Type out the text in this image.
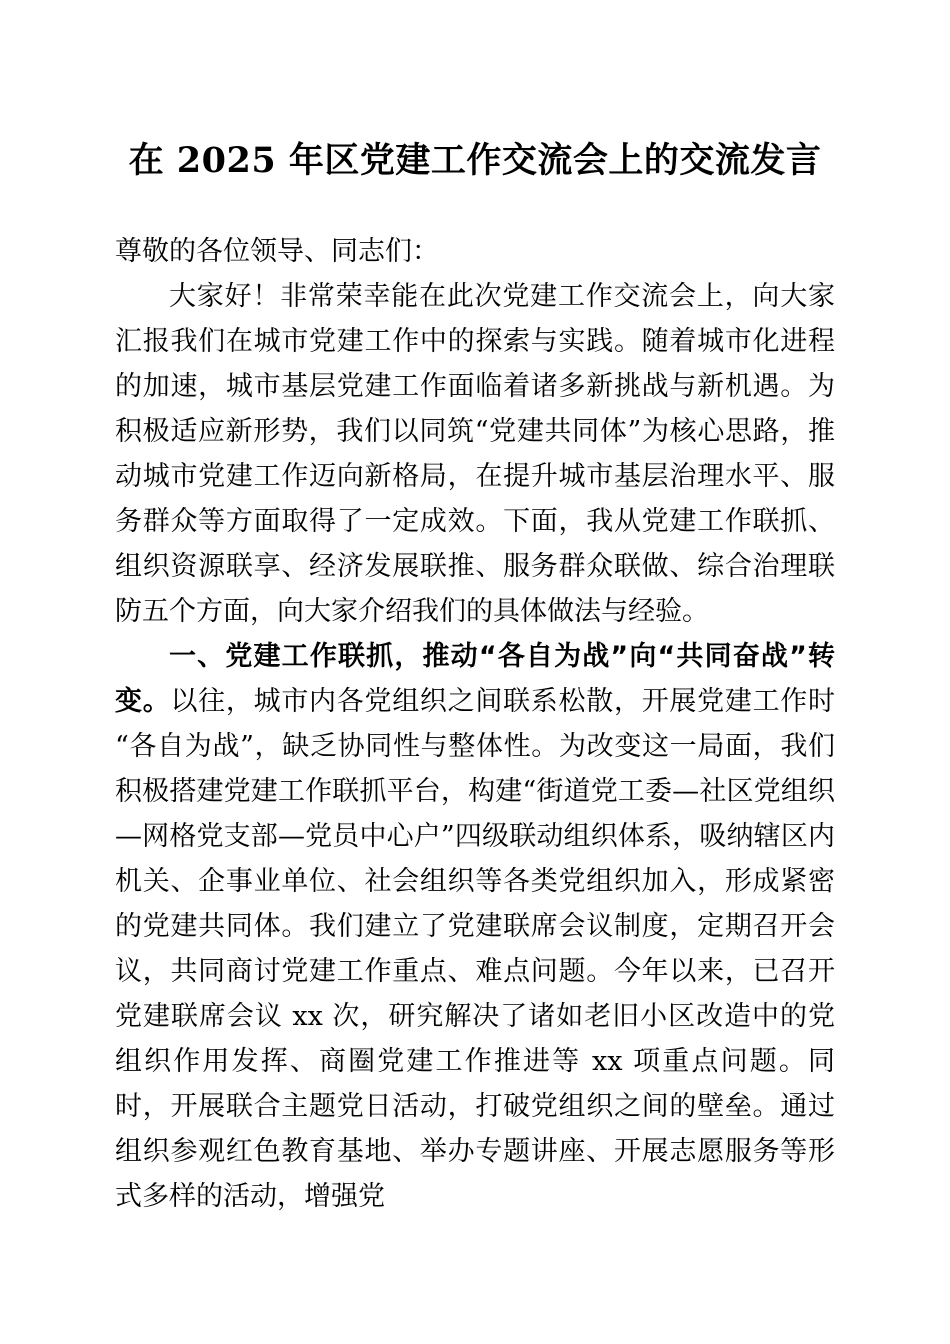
在 2025 年区党建工作交流会上的交流发言

尊敬的各位领导、同志们：

大家好！非常荣幸能在此次党建工作交流会上，向大家汇报我们在城市党建工作中的探索与实践。随着城市化进程的加速，城市基层党建工作面临着诸多新挑战与新机遇。为积极适应新形势，我们以同筑“党建共同体”为核心思路，推动城市党建工作迈向新格局，在提升城市基层治理水平、服务群众等方面取得了一定成效。下面，我从党建工作联抓、组织资源联享、经济发展联推、服务群众联做、综合治理联防五个方面，向大家介绍我们的具体做法与经验。

一、党建工作联抓，推动“各自为战”向“共同奋战”转变。以往，城市内各党组织之间联系松散，开展党建工作时“各自为战”，缺乏协同性与整体性。为改变这一局面，我们积极搭建党建工作联抓平台，构建“街道党工委—社区党组织—网格党支部—党员中心户”四级联动组织体系，吸纳辖区内机关、企事业单位、社会组织等各类党组织加入，形成紧密的党建共同体。我们建立了党建联席会议制度，定期召开会议，共同商讨党建工作重点、难点问题。今年以来，已召开党建联席会议 xx 次，研究解决了诸如老旧小区改造中的党组织作用发挥、商圈党建工作推进等 xx 项重点问题。同时，开展联合主题党日活动，打破党组织之间的壁垒。通过组织参观红色教育基地、举办专题讲座、开展志愿服务等形式多样的活动，增强党
